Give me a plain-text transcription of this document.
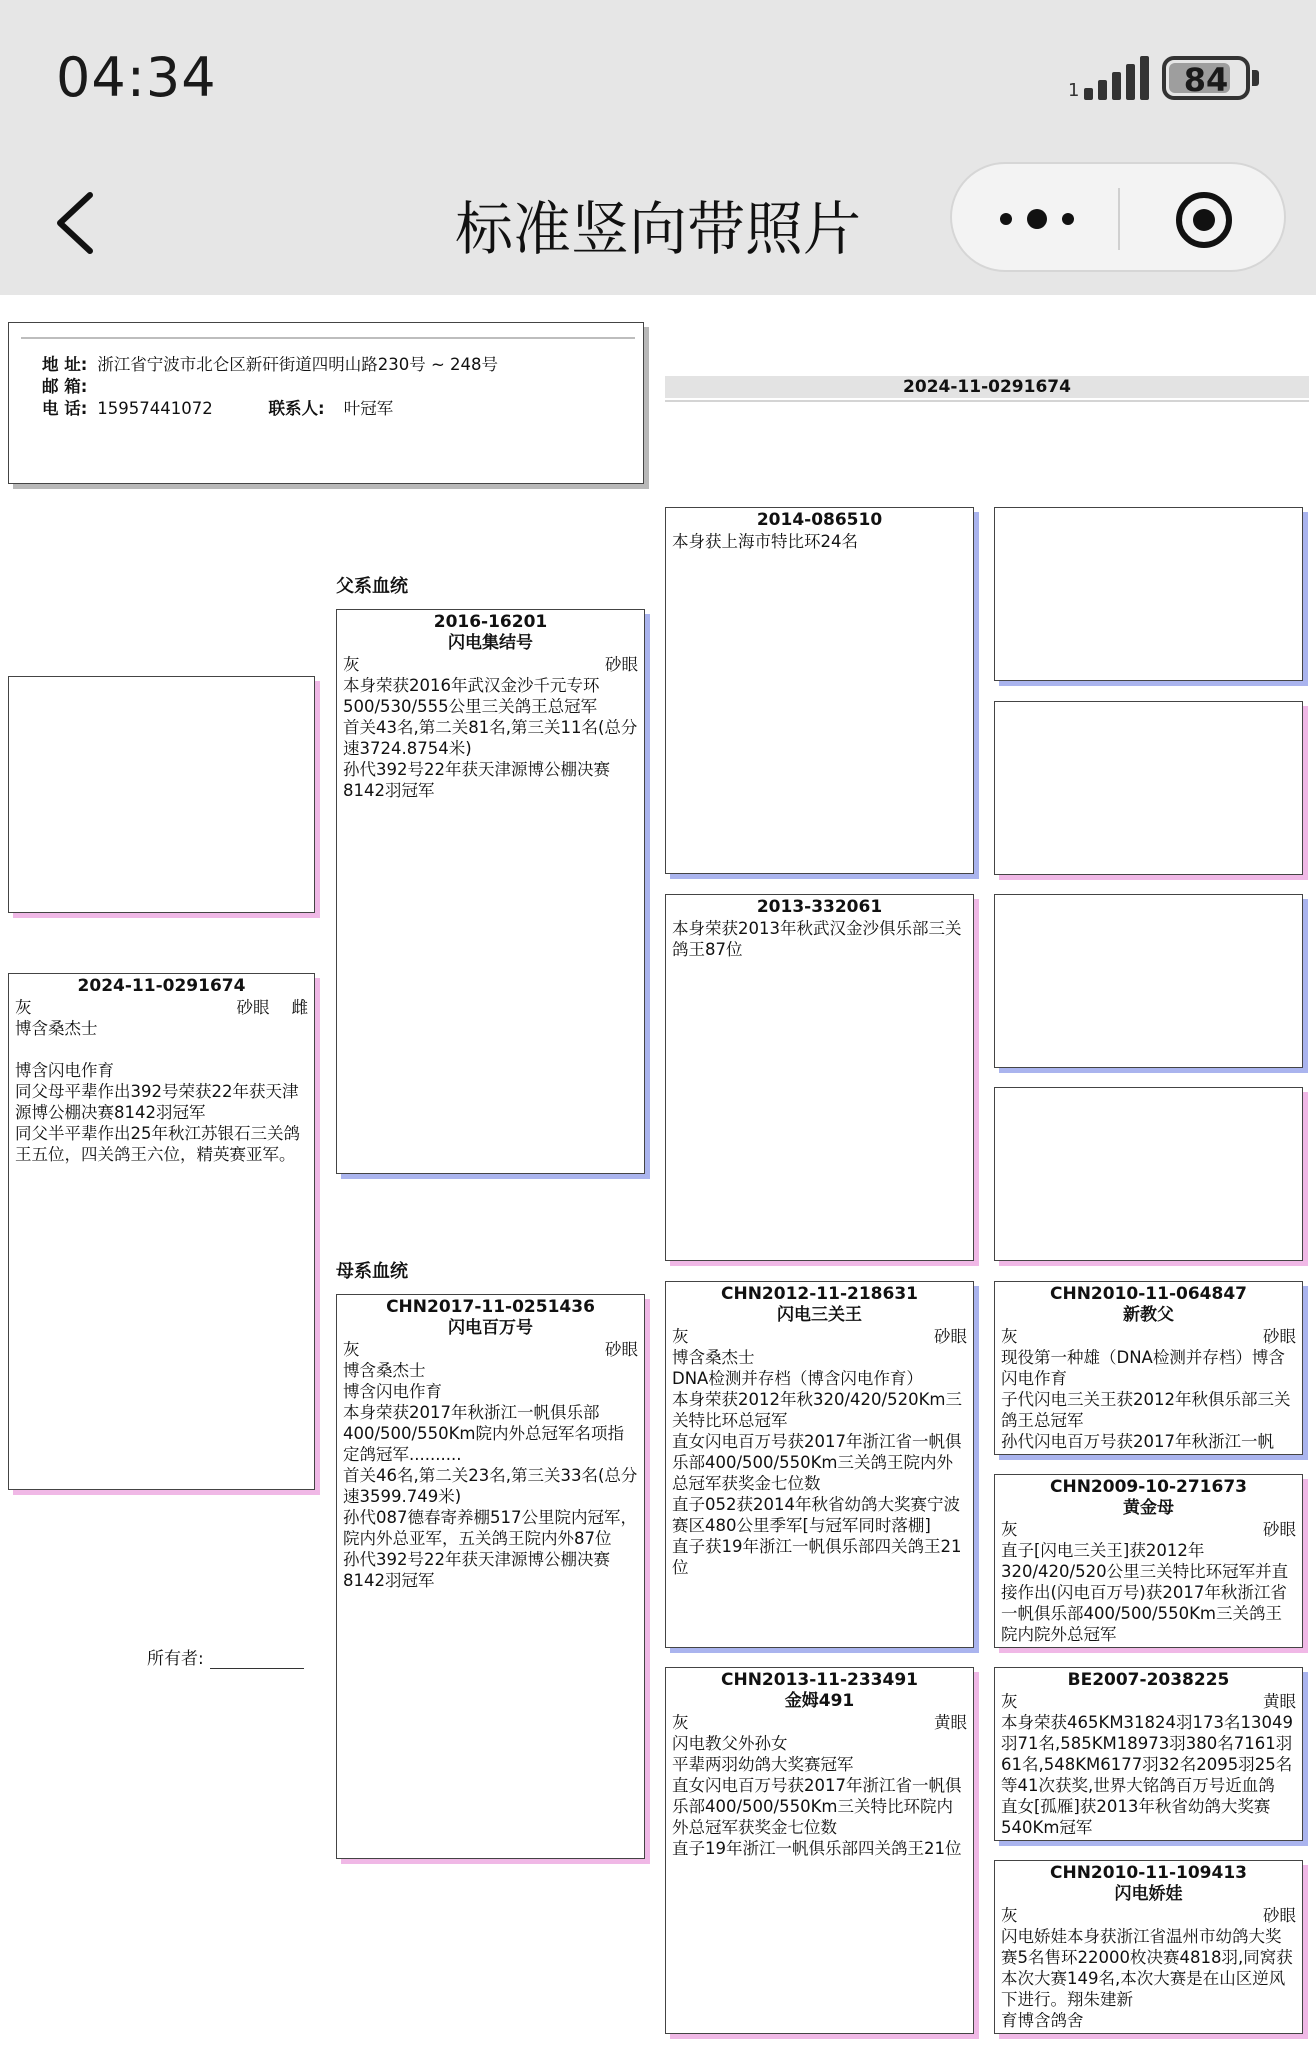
04:34	1	84
标准竖向带照片
地 址: 浙江省宁波市北仑区新矸街道四明山路230号 ~ 248号
邮 箱:
电 话: 15957441072	联系人: 叶冠军
2024-11-0291674
2024-11-0291674
灰	砂眼 雌
博含桑杰士

博含闪电作育
同父母平辈作出392号荣获22年获天津源博公棚决赛8142羽冠军
同父半平辈作出25年秋江苏银石三关鸽王五位，四关鸽王六位，精英赛亚军。
所有者:
父系血统
2016-16201
闪电集结号
灰	砂眼
本身荣获2016年武汉金沙千元专环500/530/555公里三关鸽王总冠军
首关43名,第二关81名,第三关11名(总分速3724.8754米)
孙代392号22年获天津源博公棚决赛8142羽冠军
母系血统
CHN2017-11-0251436
闪电百万号
灰	砂眼
博含桑杰士
博含闪电作育
本身荣获2017年秋浙江一帆俱乐部400/500/550Km院内外总冠军名项指定鸽冠军..........
首关46名,第二关23名,第三关33名(总分速3599.749米)
孙代087德春寄养棚517公里院内冠军，院内外总亚军，五关鸽王院内外87位
孙代392号22年获天津源博公棚决赛8142羽冠军
2014-086510
本身获上海市特比环24名
2013-332061
本身荣获2013年秋武汉金沙俱乐部三关鸽王87位
CHN2012-11-218631
闪电三关王
灰	砂眼
博含桑杰士
DNA检测并存档（博含闪电作育）
本身荣获2012年秋320/420/520Km三关特比环总冠军
直女闪电百万号获2017年浙江省一帆俱乐部400/500/550Km三关鸽王院内外总冠军获奖金七位数
直子052获2014年秋省幼鸽大奖赛宁波赛区480公里季军[与冠军同时落棚]
直子获19年浙江一帆俱乐部四关鸽王21位
CHN2013-11-233491
金姆491
灰	黄眼
闪电教父外孙女
平辈两羽幼鸽大奖赛冠军
直女闪电百万号获2017年浙江省一帆俱乐部400/500/550Km三关特比环院内外总冠军获奖金七位数
直子19年浙江一帆俱乐部四关鸽王21位
CHN2010-11-064847
新教父
灰	砂眼
现役第一种雄（DNA检测并存档）博含闪电作育
子代闪电三关王获2012年秋俱乐部三关鸽王总冠军
孙代闪电百万号获2017年秋浙江一帆
CHN2009-10-271673
黄金母
灰	砂眼
直子[闪电三关王]获2012年320/420/520公里三关特比环冠军并直接作出(闪电百万号)获2017年秋浙江省一帆俱乐部400/500/550Km三关鸽王院内院外总冠军
BE2007-2038225
灰	黄眼
本身荣获465KM31824羽173名13049羽71名,585KM18973羽380名7161羽61名,548KM6177羽32名2095羽25名等41次获奖,世界大铭鸽百万号近血鸽
直女[孤雁]获2013年秋省幼鸽大奖赛540Km冠军
CHN2010-11-109413
闪电娇娃
灰	砂眼
闪电娇娃本身获浙江省温州市幼鸽大奖赛5名售环22000枚决赛4818羽,同窝获本次大赛149名,本次大赛是在山区逆风下进行。翔朱建新
育博含鸽舍
